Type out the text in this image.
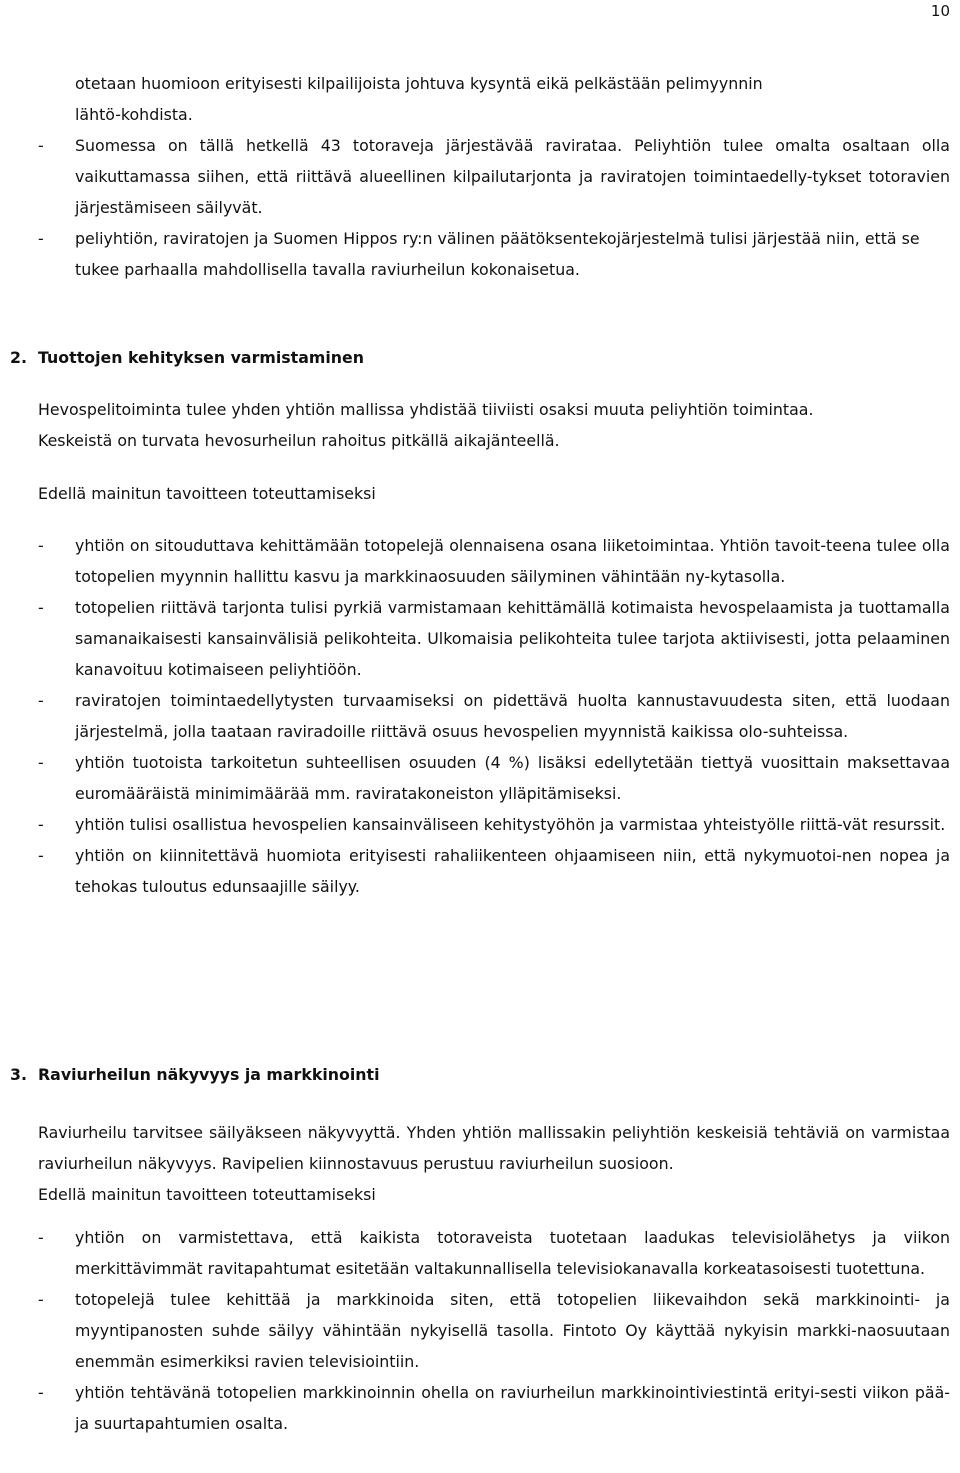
10
otetaan huomioon erityisesti kilpailijoista johtuva kysyntä eikä pelkästään pelimyynnin lähtö-kohdista.
- Suomessa on tällä hetkellä 43 totoraveja järjestävää ravirataa. Peliyhtiön tulee omalta osaltaan olla vaikuttamassa siihen, että riittävä alueellinen kilpailutarjonta ja raviratojen toimintaedelly-tykset totoravien järjestämiseen säilyvät.
- peliyhtiön, raviratojen ja Suomen Hippos ry:n välinen päätöksentekojärjestelmä tulisi järjestää niin, että se tukee parhaalla mahdollisella tavalla raviurheilun kokonaisetua.
2. Tuottojen kehityksen varmistaminen
Hevospelitoiminta tulee yhden yhtiön mallissa yhdistää tiiviisti osaksi muuta peliyhtiön toimintaa.
Keskeistä on turvata hevosurheilun rahoitus pitkällä aikajänteellä.
Edellä mainitun tavoitteen toteuttamiseksi
- yhtiön on sitouduttava kehittämään totopelejä olennaisena osana liiketoimintaa. Yhtiön tavoit-teena tulee olla totopelien myynnin hallittu kasvu ja markkinaosuuden säilyminen vähintään ny-kytasolla.
- totopelien riittävä tarjonta tulisi pyrkiä varmistamaan kehittämällä kotimaista hevospelaamista ja tuottamalla samanaikaisesti kansainvälisiä pelikohteita. Ulkomaisia pelikohteita tulee tarjota aktiivisesti, jotta pelaaminen kanavoituu kotimaiseen peliyhtiöön.
- raviratojen toimintaedellytysten turvaamiseksi on pidettävä huolta kannustavuudesta siten, että luodaan järjestelmä, jolla taataan raviradoille riittävä osuus hevospelien myynnistä kaikissa olo-suhteissa.
- yhtiön tuotoista tarkoitetun suhteellisen osuuden (4 %) lisäksi edellytetään tiettyä vuosittain maksettavaa euromääräistä minimimäärää mm. raviratakoneiston ylläpitämiseksi.
- yhtiön tulisi osallistua hevospelien kansainväliseen kehitystyöhön ja varmistaa yhteistyölle riittä-vät resurssit.
- yhtiön on kiinnitettävä huomiota erityisesti rahaliikenteen ohjaamiseen niin, että nykymuotoi-nen nopea ja tehokas tuloutus edunsaajille säilyy.
3. Raviurheilun näkyvyys ja markkinointi
Raviurheilu tarvitsee säilyäkseen näkyvyyttä. Yhden yhtiön mallissakin peliyhtiön keskeisiä tehtäviä on varmistaa raviurheilun näkyvyys. Ravipelien kiinnostavuus perustuu raviurheilun suosioon.
Edellä mainitun tavoitteen toteuttamiseksi
- yhtiön on varmistettava, että kaikista totoraveista tuotetaan laadukas televisiolähetys ja viikon merkittävimmät ravitapahtumat esitetään valtakunnallisella televisiokanavalla korkeatasoisesti tuotettuna.
- totopelejä tulee kehittää ja markkinoida siten, että totopelien liikevaihdon sekä markkinointi- ja myyntipanosten suhde säilyy vähintään nykyisellä tasolla. Fintoto Oy käyttää nykyisin markki-naosuutaan enemmän esimerkiksi ravien televisiointiin.
- yhtiön tehtävänä totopelien markkinoinnin ohella on raviurheilun markkinointiviestintä erityi-sesti viikon pää- ja suurtapahtumien osalta.
